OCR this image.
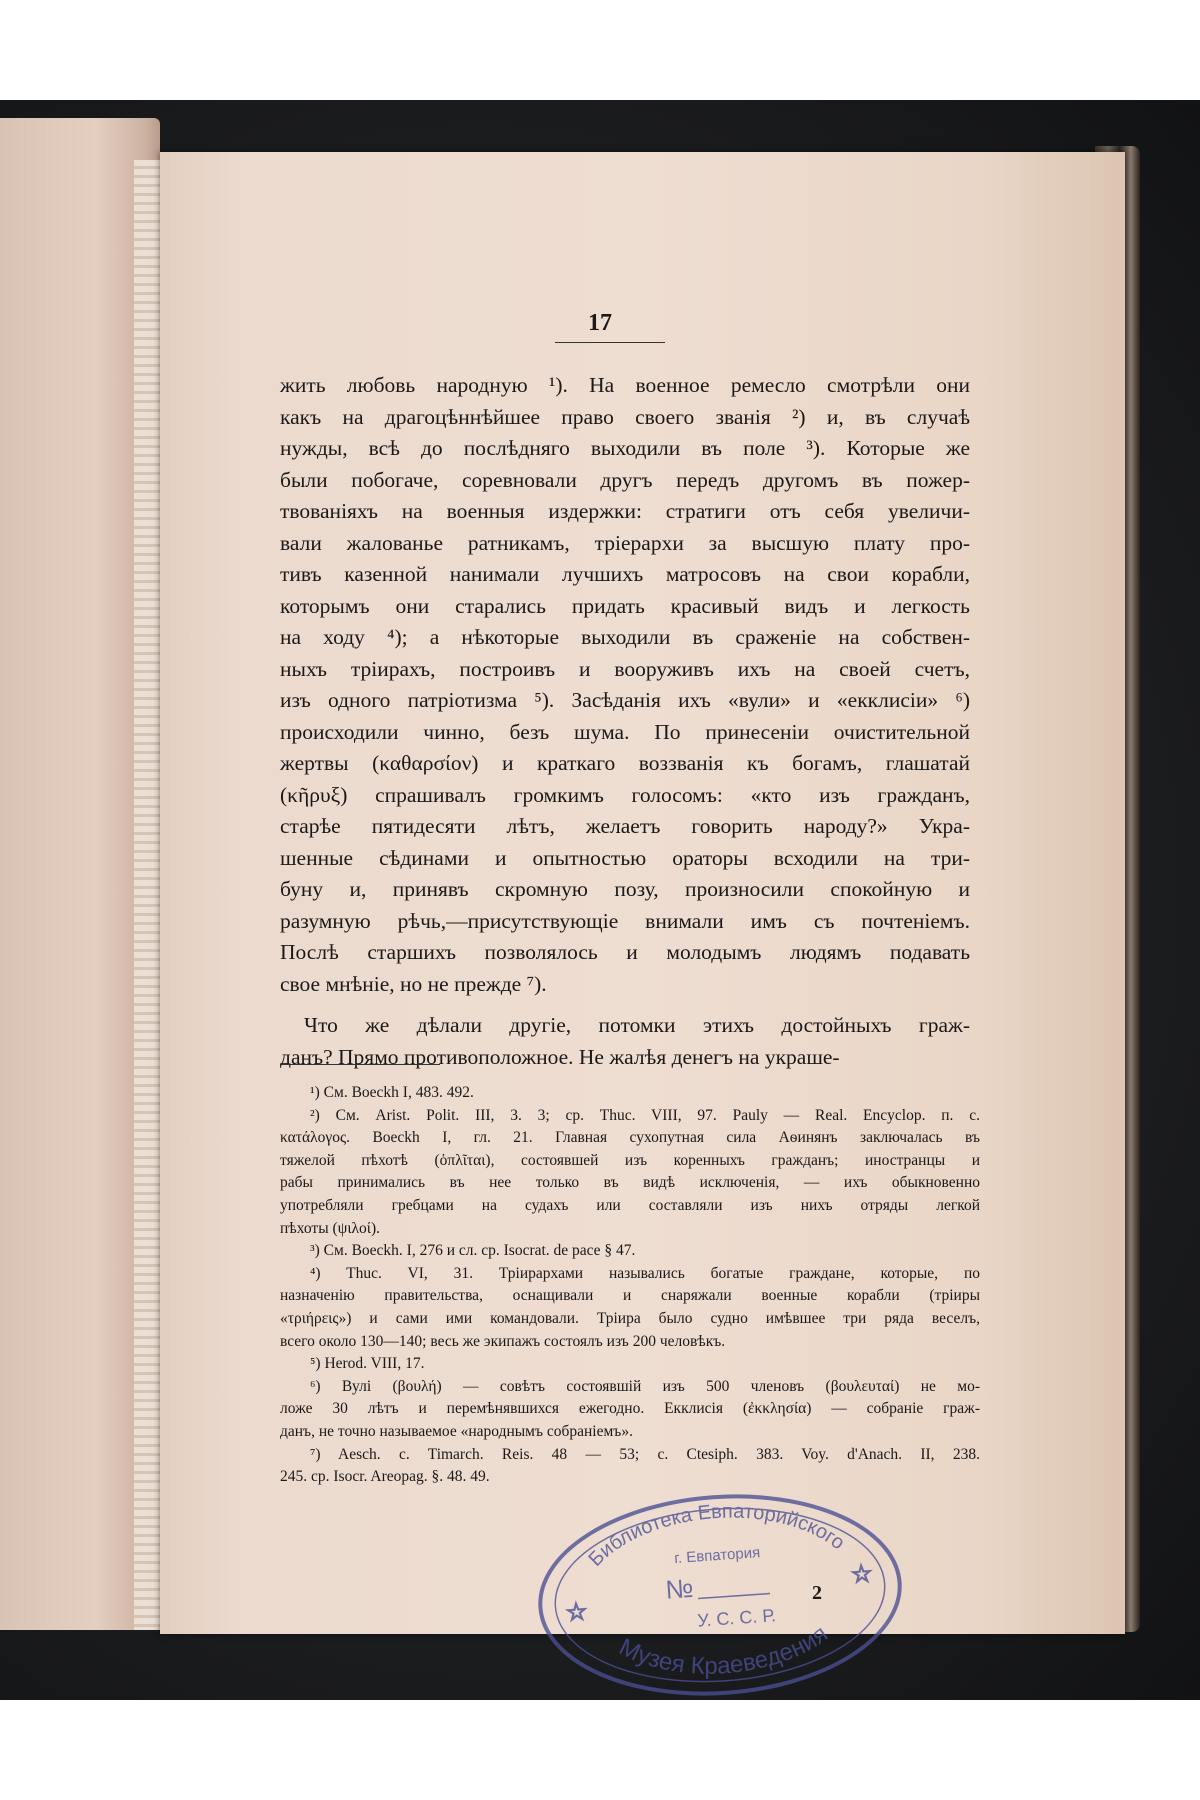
17
жить любовь народную ¹). На военное ремесло смотрѣли они
какъ на драгоцѣннѣйшее право своего званія ²) и, въ случаѣ
нужды, всѣ до послѣдняго выходили въ поле ³). Которые же
были побогаче, соревновали другъ передъ другомъ въ пожер-
твованіяхъ на военныя издержки: стратиги отъ себя увеличи-
вали жалованье ратникамъ, тріерархи за высшую плату про-
тивъ казенной нанимали лучшихъ матросовъ на свои корабли,
которымъ они старались придать красивый видъ и легкость
на ходу ⁴); а нѣкоторые выходили въ сраженіе на собствен-
ныхъ тріирахъ, построивъ и вооруживъ ихъ на своей счетъ,
изъ одного патріотизма ⁵). Засѣданія ихъ «вули» и «екклисіи» ⁶)
происходили чинно, безъ шума. По принесеніи очистительной
жертвы (καθαρσίον) и краткаго воззванія къ богамъ, глашатай
(κῆρυξ) спрашивалъ громкимъ голосомъ: «кто изъ гражданъ,
старѣе пятидесяти лѣтъ, желаетъ говорить народу?» Укра-
шенные сѣдинами и опытностью ораторы всходили на три-
буну и, принявъ скромную позу, произносили спокойную и
разумную рѣчь,—присутствующіе внимали имъ съ почтеніемъ.
Послѣ старшихъ позволялось и молодымъ людямъ подавать
свое мнѣніе, но не прежде ⁷).
Что же дѣлали другіе, потомки этихъ достойныхъ граж-
данъ? Прямо противоположное. Не жалѣя денегъ на украше-
¹) См. Boeckh I, 483. 492.
²) См. Arist. Polit. III, 3. 3; ср. Thuc. VIII, 97. Pauly — Real. Encyclop. п. с.
κατάλογος. Boeckh I, гл. 21. Главная сухопутная сила Аѳинянъ заключалась въ
тяжелой пѣхотѣ (ὁπλῖται), состоявшей изъ коренныхъ гражданъ; иностранцы и
рабы принимались въ нее только въ видѣ исключенія, — ихъ обыкновенно
употребляли гребцами на судахъ или составляли изъ нихъ отряды легкой
пѣхоты (ψιλοί).
³) См. Boeckh. I, 276 и сл. ср. Isocrat. de pace § 47.
⁴) Thuc. VI, 31. Тріирархами назывались богатые граждане, которые, по
назначенію правительства, оснащивали и снаряжали военные корабли (тріиры
«τριήρεις») и сами ими командовали. Тріира было судно имѣвшее три ряда веселъ,
всего около 130—140; весь же экипажъ состоялъ изъ 200 человѣкъ.
⁵) Herod. VIII, 17.
⁶) Вулі (βουλή) — совѣтъ состоявшій изъ 500 членовъ (βουλευταί) не мо-
ложе 30 лѣтъ и перемѣнявшихся ежегодно. Екклисія (ἐκκλησία) — собраніе граж-
данъ, не точно называемое «народнымъ собраніемъ».
⁷) Aesch. c. Timarch. Reis. 48 — 53; c. Ctesiph. 383. Voy. d'Anach. II, 238.
245. ср. Isocr. Areopag. §. 48. 49.
2
Библиотека Евпаторийского
Музея Краеведения
г. Евпатория
№
У. С. С. Р.
☆
☆
